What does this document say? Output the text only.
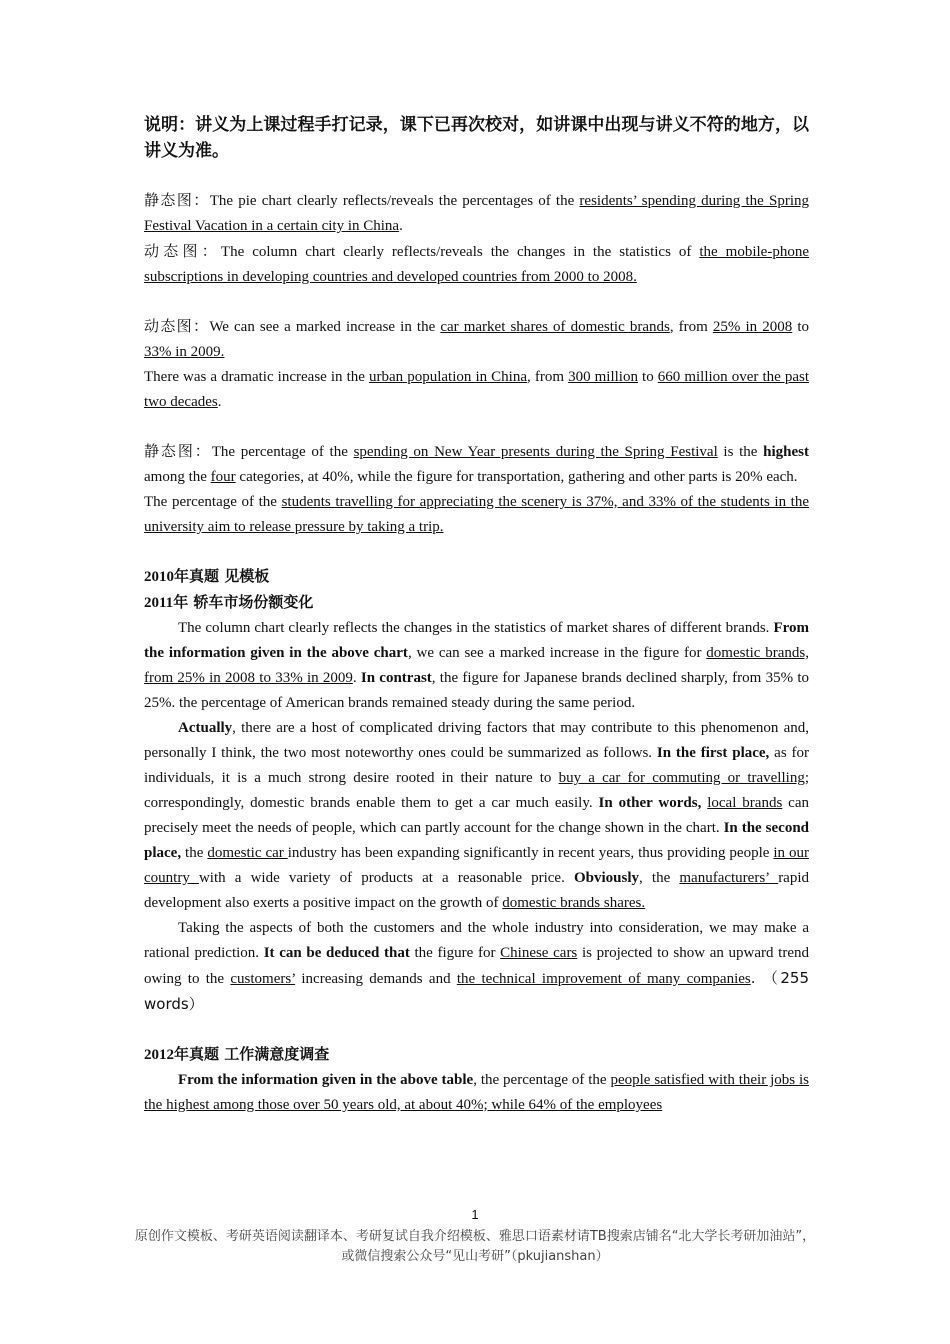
说明：讲义为上课过程手打记录，课下已再次校对，如讲课中出现与讲义不符的地方，以讲义为准。

静态图：The pie chart clearly reflects/reveals the percentages of the residents’ spending during the Spring Festival Vacation in a certain city in China.

动态图：The column chart clearly reflects/reveals the changes in the statistics of the mobile-phone subscriptions in developing countries and developed countries from 2000 to 2008.

动态图：We can see a marked increase in the car market shares of domestic brands, from 25% in 2008 to 33% in 2009.

There was a dramatic increase in the urban population in China, from 300 million to 660 million over the past two decades.

静态图：The percentage of the spending on New Year presents during the Spring Festival is the highest among the four categories, at 40%, while the figure for transportation, gathering and other parts is 20% each.

The percentage of the students travelling for appreciating the scenery is 37%, and 33% of the students in the university aim to release pressure by taking a trip.

2010年真题 见模板

2011年 轿车市场份额变化

The column chart clearly reflects the changes in the statistics of market shares of different brands. From the information given in the above chart, we can see a marked increase in the figure for domestic brands, from 25% in 2008 to 33% in 2009. In contrast, the figure for Japanese brands declined sharply, from 35% to 25%. the percentage of American brands remained steady during the same period.

Actually, there are a host of complicated driving factors that may contribute to this phenomenon and, personally I think, the two most noteworthy ones could be summarized as follows. In the first place, as for individuals, it is a much strong desire rooted in their nature to buy a car for commuting or travelling; correspondingly, domestic brands enable them to get a car much easily. In other words, local brands can precisely meet the needs of people, which can partly account for the change shown in the chart. In the second place, the domestic car industry has been expanding significantly in recent years, thus providing people in our country with a wide variety of products at a reasonable price. Obviously, the manufacturers’ rapid development also exerts a positive impact on the growth of domestic brands shares.

Taking the aspects of both the customers and the whole industry into consideration, we may make a rational prediction. It can be deduced that the figure for Chinese cars is projected to show an upward trend owing to the customers’ increasing demands and the technical improvement of many companies. （255 words）

2012年真题 工作满意度调查

From the information given in the above table, the percentage of the people satisfied with their jobs is the highest among those over 50 years old, at about 40%; while 64% of the employees

1
原创作文模板、考研英语阅读翻译本、考研复试自我介绍模板、雅思口语素材请TB搜索店铺名“北大学长考研加油站”，或微信搜索公众号“见山考研”（pkujianshan）
